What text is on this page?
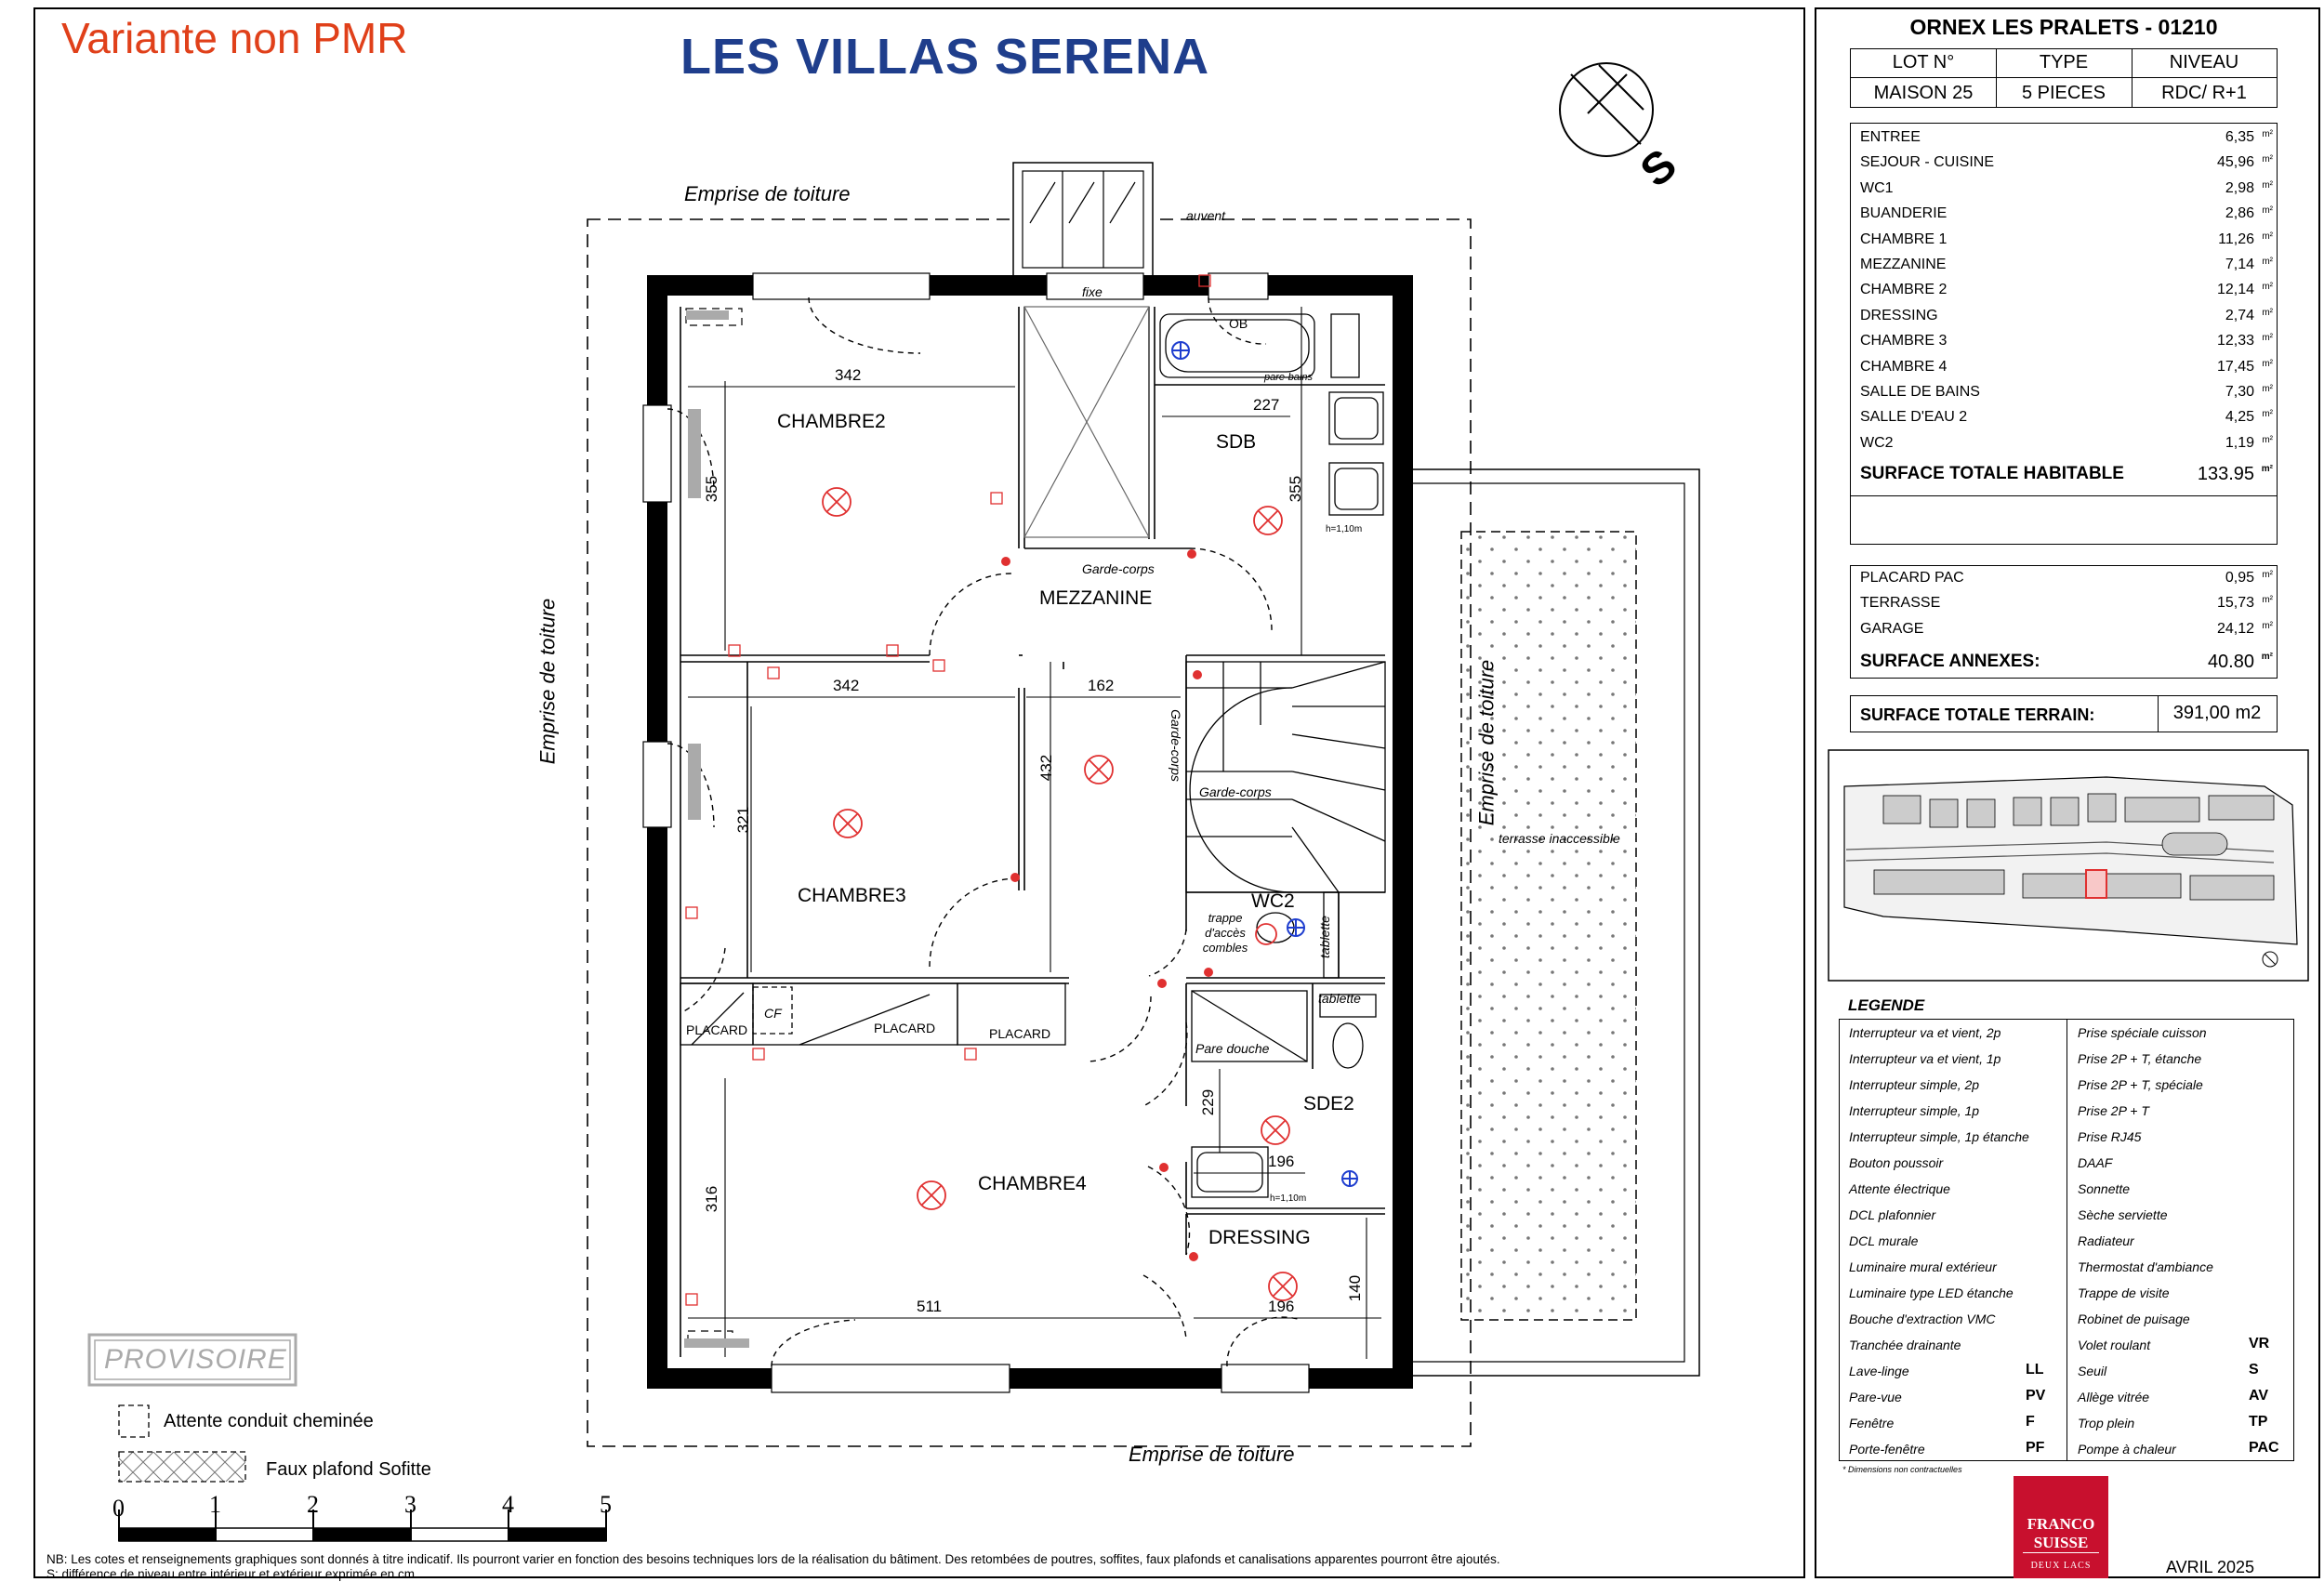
Variante non PMR	LES VILLAS SERENA
S
Emprise de toiture
Emprise de toiture
Emprise de toiture	Emprise de toiture
auvent
fixe
terrasse inaccessible
CHAMBRE2
SDB
MEZZANINE
CHAMBRE3	WC2
CHAMBRE4
SDE2
DRESSING
PLACARD	PLACARD	PLACARD
CF
trappe d'accès combles	tablette
tablette
Pare douche
pare-bains
Garde-corps
Garde-corps
Garde-corps
h=1,10m
h=1,10m
OB
342
227
355
355
342	162
432
321
229
196
316
511	196
140
PROVISOIRE
Attente conduit cheminée
Faux plafond Sofitte
0	1	2	3	4	5
NB: Les cotes et renseignements graphiques sont donnés à titre indicatif. Ils pourront varier en fonction des besoins techniques lors de la réalisation du bâtiment. Des retombées de poutres, soffites, faux plafonds et canalisations apparentes pourront être ajoutés.
S: différence de niveau entre intérieur et extérieur exprimée en cm.
ORNEX LES PRALETS - 01210
LOT N°	TYPE	NIVEAU
MAISON 25	5 PIECES	RDC/ R+1
ENTREE	6,35 m²
SEJOUR - CUISINE	45,96 m²
WC1	2,98 m²
BUANDERIE	2,86 m²
CHAMBRE 1	11,26 m²
MEZZANINE	7,14 m²
CHAMBRE 2	12,14 m²
DRESSING	2,74 m²
CHAMBRE 3	12,33 m²
CHAMBRE 4	17,45 m²
SALLE DE BAINS	7,30 m²
SALLE D'EAU 2	4,25 m²
WC2	1,19 m²
SURFACE TOTALE HABITABLE	133.95 m²
PLACARD PAC	0,95 m²
TERRASSE	15,73 m²
GARAGE	24,12 m²
SURFACE ANNEXES:	40.80 m²
SURFACE TOTALE TERRAIN:	391,00 m2
LEGENDE
Interrupteur va et vient, 2p
Interrupteur va et vient, 1p
Interrupteur simple, 2p
Interrupteur simple, 1p
Interrupteur simple, 1p étanche
Bouton poussoir
Attente électrique
DCL plafonnier
DCL murale
Luminaire mural extérieur
Luminaire type LED étanche
Bouche d'extraction VMC
Tranchée drainante
Lave-linge	LL
Pare-vue	PV
Fenêtre	F
Porte-fenêtre	PF
Prise spéciale cuisson
Prise 2P + T, étanche
Prise 2P + T, spéciale
Prise 2P + T
Prise RJ45
DAAF
Sonnette
Sèche serviette
Radiateur
Thermostat d'ambiance
Trappe de visite
Robinet de puisage
Volet roulant	VR
Seuil	S
Allège vitrée	AV
Trop plein	TP
Pompe à chaleur	PAC
* Dimensions non contractuelles
FRANCO
SUISSE
DEUX LACS	AVRIL 2025
